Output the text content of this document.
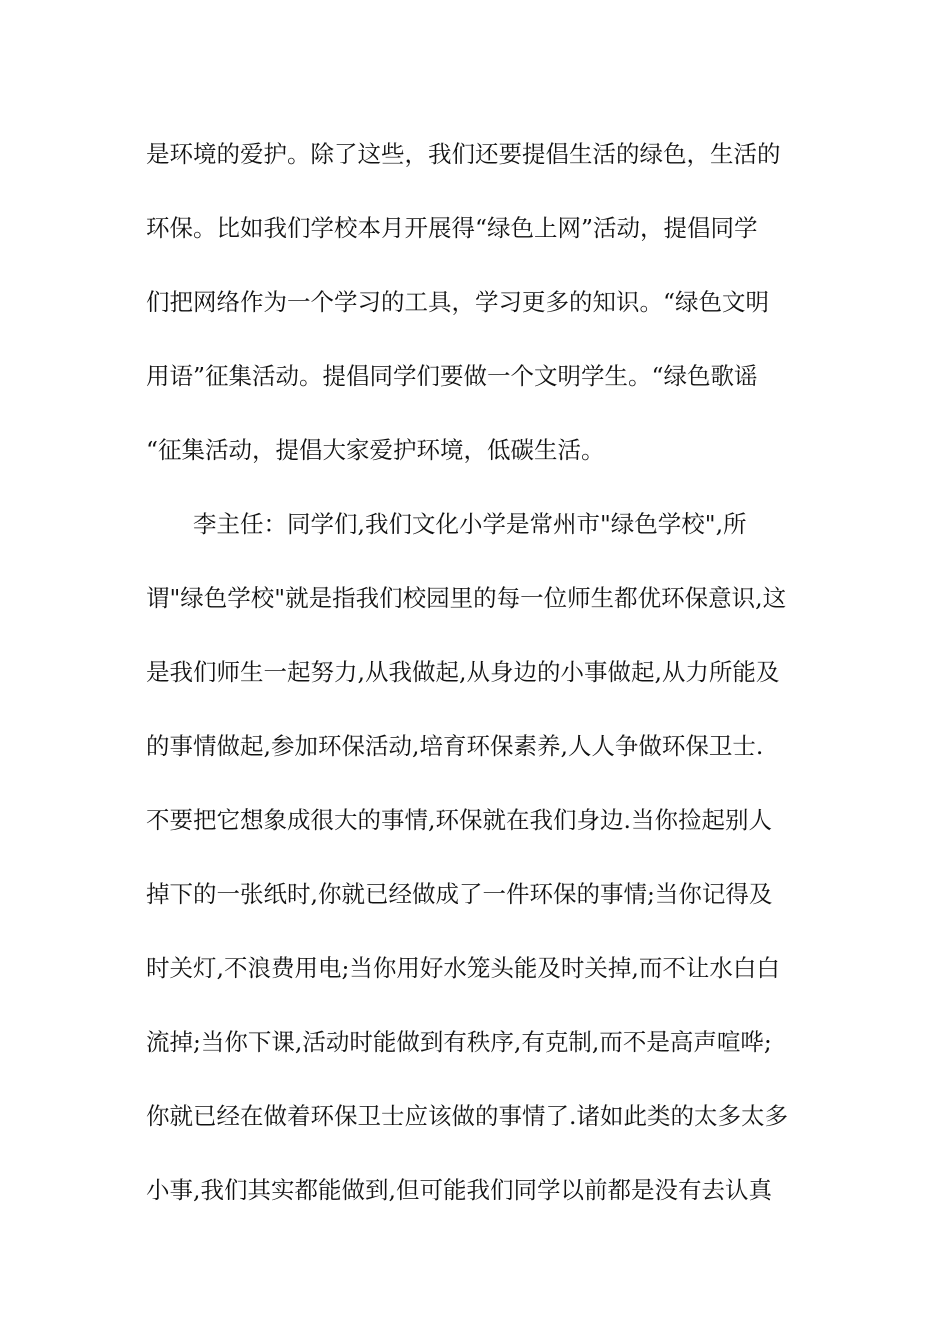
是环境的爱护。除了这些，我们还要提倡生活的绿色，生活的
环保。比如我们学校本月开展得“绿色上网”活动，提倡同学
们把网络作为一个学习的工具，学习更多的知识。“绿色文明
用语”征集活动。提倡同学们要做一个文明学生。“绿色歌谣
“征集活动，提倡大家爱护环境，低碳生活。
李主任：同学们,我们文化小学是常州市"绿色学校",所
谓"绿色学校"就是指我们校园里的每一位师生都优环保意识,这
是我们师生一起努力,从我做起,从身边的小事做起,从力所能及
的事情做起,参加环保活动,培育环保素养,人人争做环保卫士.
不要把它想象成很大的事情,环保就在我们身边.当你捡起别人
掉下的一张纸时,你就已经做成了一件环保的事情;当你记得及
时关灯,不浪费用电;当你用好水笼头能及时关掉,而不让水白白
流掉;当你下课,活动时能做到有秩序,有克制,而不是高声喧哗;
你就已经在做着环保卫士应该做的事情了.诸如此类的太多太多
小事,我们其实都能做到,但可能我们同学以前都是没有去认真
